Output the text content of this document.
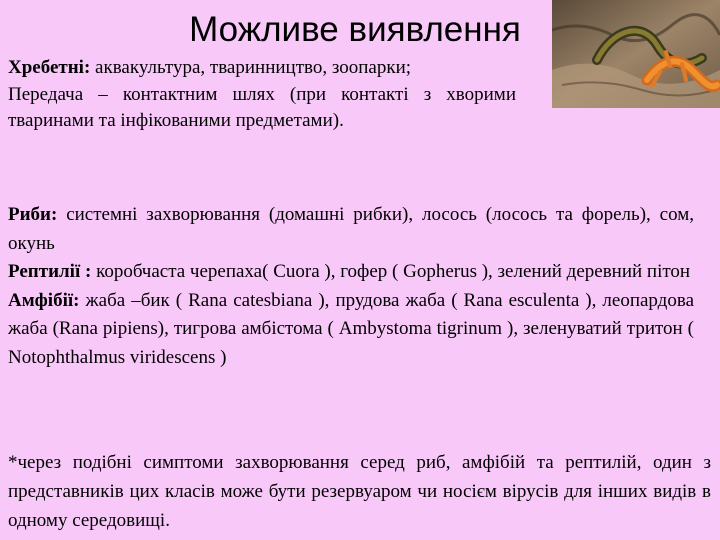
Можливе виявлення
Хребетні: аквакультура, тваринництво, зоопарки;
Передача – контактним шлях (при контакті з хворими тваринами та інфікованими предметами).
Риби: системні захворювання (домашні рибки), лосось (лосось та форель), сом, окунь
Рептилії : коробчаста черепаха( Cuora ), гофер ( Gopherus ), зелений деревний пітон
Амфібії: жаба –бик ( Rana catesbiana ), прудова жаба ( Rana esculenta ), леопардова жаба (Rana pipiens), тигрова амбістома ( Ambystoma tigrinum ), зеленуватий тритон ( Notophthalmus viridescens )
*через подібні симптоми захворювання серед риб, амфібій та рептилій, один з представників цих класів може бути резервуаром чи носієм вірусів для інших видів в одному середовищі.
